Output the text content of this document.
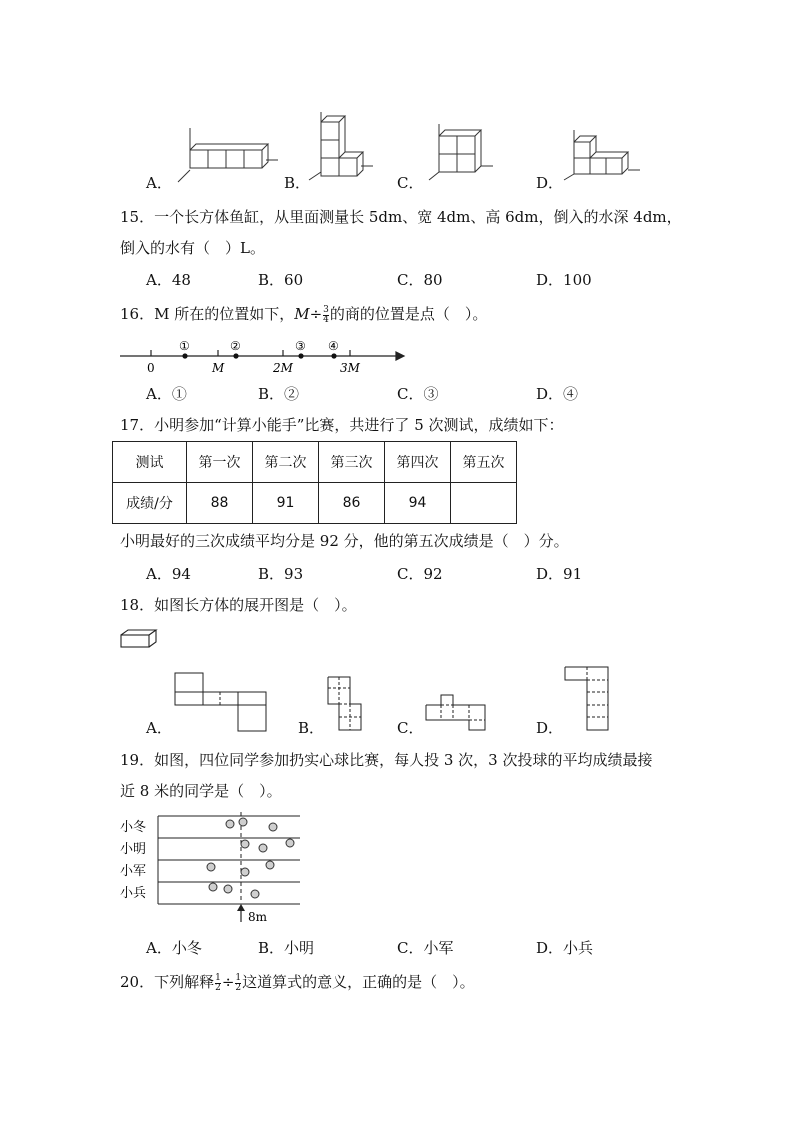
A．	B．	C．	D．
15．一个长方体鱼缸，从里面测量长 5dm、宽 4dm、高 6dm，倒入的水深 4dm，
倒入的水有（　）L。
A．48	B．60	C．80	D．100
16．M 所在的位置如下，$M\div \frac{3}{4}$ 的商的位置是点（　）。
0	M	2M	3M
①	②	③ ④
A．①	B．②	C．③	D．④
17．小明参加“计算小能手”比赛，共进行了 5 次测试，成绩如下：
测试	第一次	第二次	第三次	第四次	第五次
成绩/分	88	91	86	94	
小明最好的三次成绩平均分是 92 分，他的第五次成绩是（　）分。
A．94	B．93	C．92	D．91
18．如图长方体的展开图是（　）。
A．	B．	C．	D．
19．如图，四位同学参加扔实心球比赛，每人投 3 次，3 次投球的平均成绩最接
近 8 米的同学是（　）。
小冬
小明
小军
小兵
8m
A．小冬	B．小明	C．小军	D．小兵
20．下列解释 $\frac{1}{2} \div \frac{1}{2}$ 这道算式的意义，正确的是（　）。
